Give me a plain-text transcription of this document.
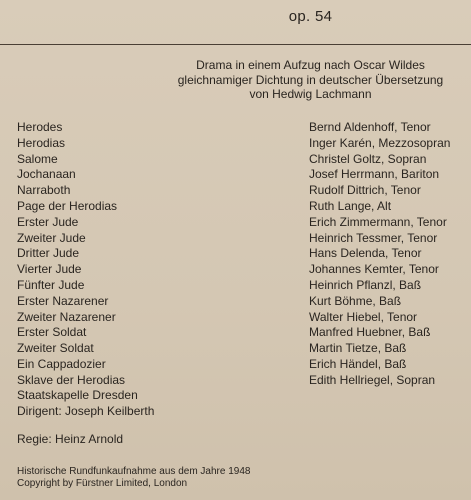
op. 54
Drama in einem Aufzug nach Oscar Wildes
gleichnamiger Dichtung in deutscher Übersetzung
von Hedwig Lachmann
Herodes	Bernd Aldenhoff, Tenor
Herodias	Inger Karén, Mezzosopran
Salome	Christel Goltz, Sopran
Jochanaan	Josef Herrmann, Bariton
Narraboth	Rudolf Dittrich, Tenor
Page der Herodias	Ruth Lange, Alt
Erster Jude	Erich Zimmermann, Tenor
Zweiter Jude	Heinrich Tessmer, Tenor
Dritter Jude	Hans Delenda, Tenor
Vierter Jude	Johannes Kemter, Tenor
Fünfter Jude	Heinrich Pflanzl, Baß
Erster Nazarener	Kurt Böhme, Baß
Zweiter Nazarener	Walter Hiebel, Tenor
Erster Soldat	Manfred Huebner, Baß
Zweiter Soldat	Martin Tietze, Baß
Ein Cappadozier	Erich Händel, Baß
Sklave der Herodias	Edith Hellriegel, Sopran
Staatskapelle Dresden
Dirigent: Joseph Keilberth
Regie: Heinz Arnold
Historische Rundfunkaufnahme aus dem Jahre 1948
Copyright by Fürstner Limited, London
